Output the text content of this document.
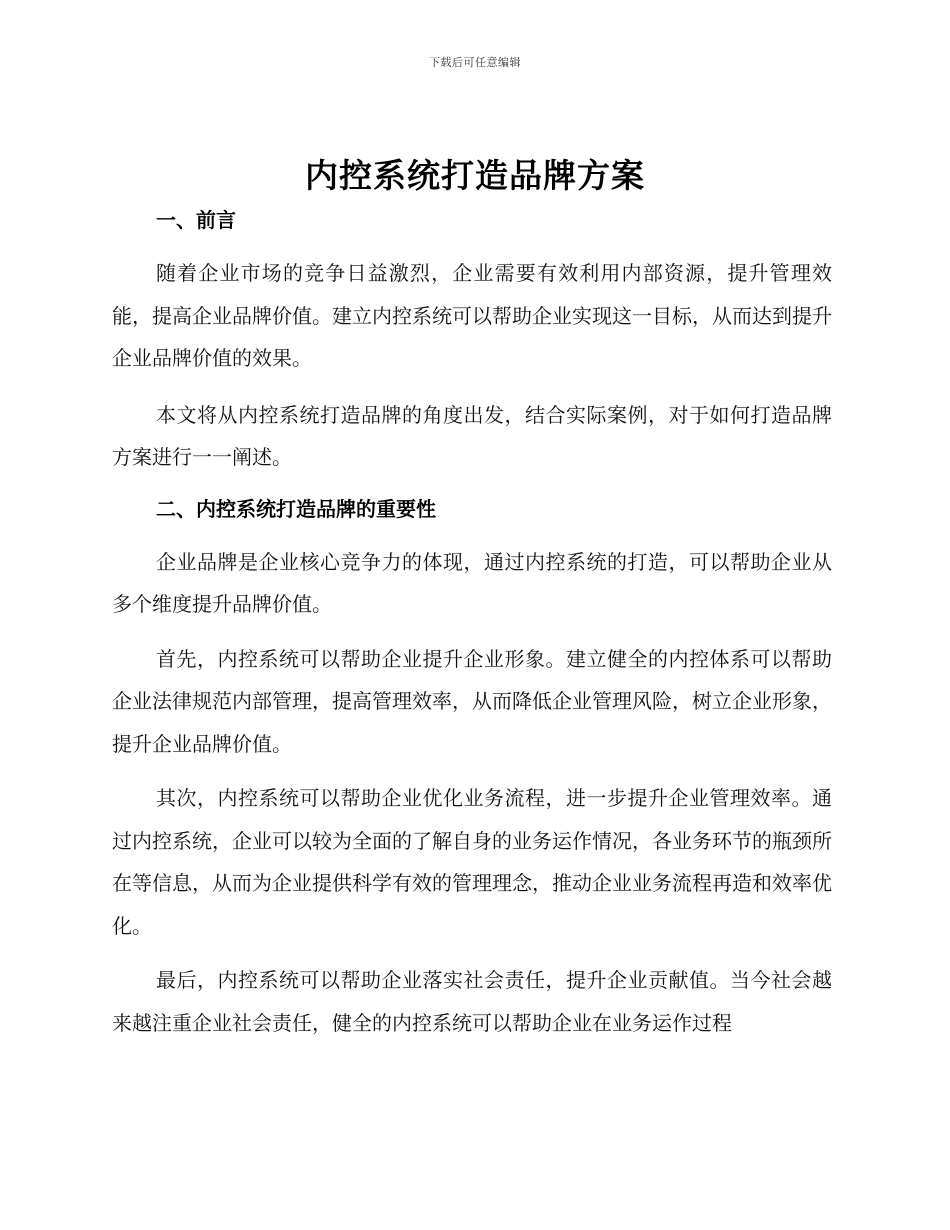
下载后可任意编辑
内控系统打造品牌方案
一、前言

随着企业市场的竞争日益激烈，企业需要有效利用内部资源，提升管理效能，提高企业品牌价值。建立内控系统可以帮助企业实现这一目标，从而达到提升企业品牌价值的效果。

本文将从内控系统打造品牌的角度出发，结合实际案例，对于如何打造品牌方案进行一一阐述。

二、内控系统打造品牌的重要性

企业品牌是企业核心竞争力的体现，通过内控系统的打造，可以帮助企业从多个维度提升品牌价值。

首先，内控系统可以帮助企业提升企业形象。建立健全的内控体系可以帮助企业法律规范内部管理，提高管理效率，从而降低企业管理风险，树立企业形象，提升企业品牌价值。

其次，内控系统可以帮助企业优化业务流程，进一步提升企业管理效率。通过内控系统，企业可以较为全面的了解自身的业务运作情况，各业务环节的瓶颈所在等信息，从而为企业提供科学有效的管理理念，推动企业业务流程再造和效率优化。

最后，内控系统可以帮助企业落实社会责任，提升企业贡献值。当今社会越来越注重企业社会责任，健全的内控系统可以帮助企业在业务运作过程
